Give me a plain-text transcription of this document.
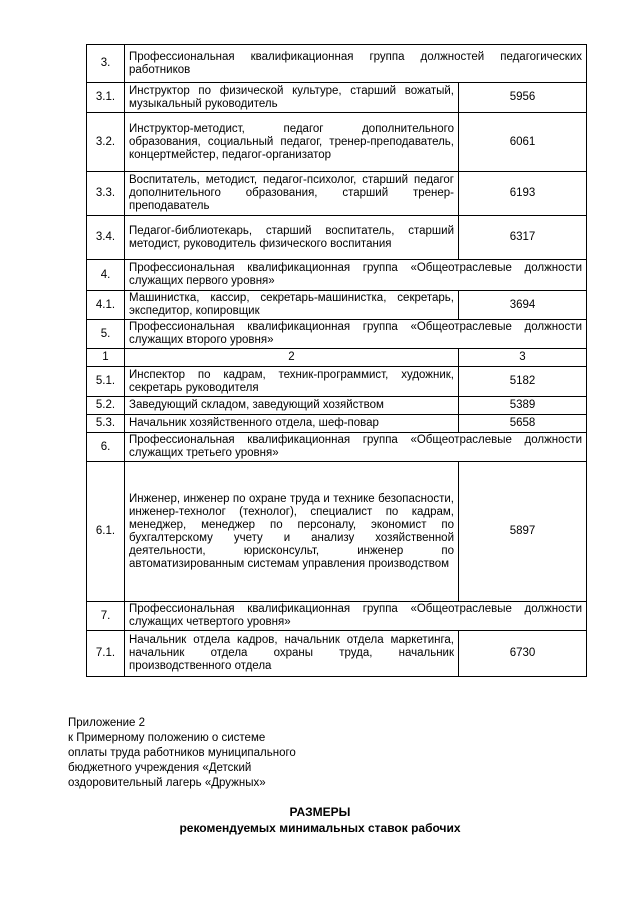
3.	Профессиональная квалификационная группа должностей педагогических работников	
3.1.	Инструктор по физической культуре, старший вожатый, музыкальный руководитель	5956
3.2.	Инструктор-методист, педагог дополнительного образования, социальный педагог, тренер-преподаватель, концертмейстер, педагог-организатор	6061
3.3.	Воспитатель, методист, педагог-психолог, старший педагог дополнительного образования, старший тренер-преподаватель	6193
3.4.	Педагог-библиотекарь, старший воспитатель, старший методист, руководитель физического воспитания	6317
4.	Профессиональная квалификационная группа «Общеотраслевые должности служащих первого уровня»	
4.1.	Машинистка, кассир, секретарь-машинистка, секретарь, экспедитор, копировщик	3694
5.	Профессиональная квалификационная группа «Общеотраслевые должности служащих второго уровня»	
1	2	3
5.1.	Инспектор по кадрам, техник-программист, художник, секретарь руководителя	5182
5.2.	Заведующий складом, заведующий хозяйством	5389
5.3.	Начальник хозяйственного отдела, шеф-повар	5658
6.	Профессиональная квалификационная группа «Общеотраслевые должности служащих третьего уровня»	
6.1.	Инженер, инженер по охране труда и технике безопасности, инженер-технолог (технолог), специалист по кадрам, менеджер, менеджер по персоналу, экономист по бухгалтерскому учету и анализу хозяйственной деятельности, юрисконсульт, инженер по автоматизированным системам управления производством	5897
7.	Профессиональная квалификационная группа «Общеотраслевые должности служащих четвертого уровня»	
7.1.	Начальник отдела кадров, начальник отдела маркетинга, начальник отдела охраны труда, начальник производственного отдела	6730
Приложение 2
к Примерному положению о системе
оплаты труда работников муниципального
бюджетного учреждения «Детский
оздоровительный лагерь «Дружных»
РАЗМЕРЫ
рекомендуемых минимальных ставок рабочих
